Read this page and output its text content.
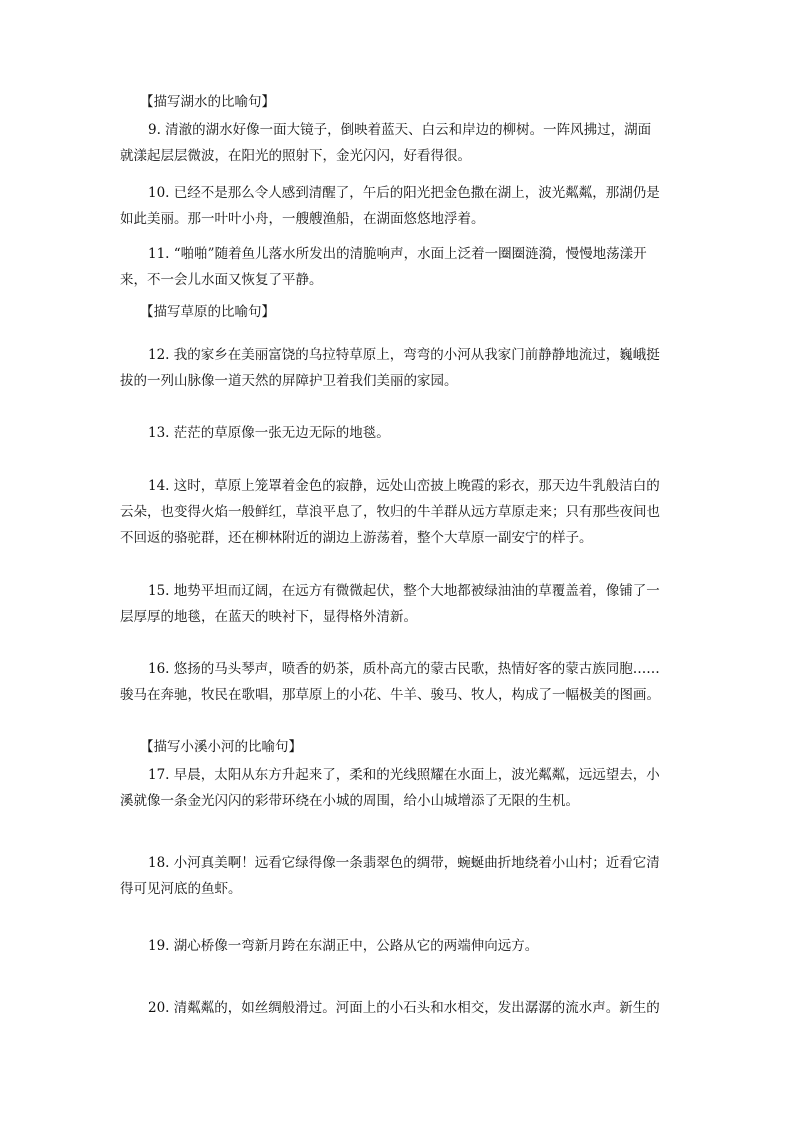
【描写湖水的比喻句】
9. 清澈的湖水好像一面大镜子，倒映着蓝天、白云和岸边的柳树。一阵风拂过，湖面
就漾起层层微波，在阳光的照射下，金光闪闪，好看得很。
10. 已经不是那么令人感到清醒了，午后的阳光把金色撒在湖上，波光粼粼，那湖仍是
如此美丽。那一叶叶小舟，一艘艘渔船，在湖面悠悠地浮着。
11. “啪啪”随着鱼儿落水所发出的清脆响声，水面上泛着一圈圈涟漪，慢慢地荡漾开
来，不一会儿水面又恢复了平静。
【描写草原的比喻句】
12. 我的家乡在美丽富饶的乌拉特草原上，弯弯的小河从我家门前静静地流过，巍峨挺
拔的一列山脉像一道天然的屏障护卫着我们美丽的家园。
13. 茫茫的草原像一张无边无际的地毯。
14. 这时，草原上笼罩着金色的寂静，远处山峦披上晚霞的彩衣，那天边牛乳般洁白的
云朵，也变得火焰一般鲜红，草浪平息了，牧归的牛羊群从远方草原走来；只有那些夜间也
不回返的骆驼群，还在柳林附近的湖边上游荡着，整个大草原一副安宁的样子。
15. 地势平坦而辽阔，在远方有微微起伏，整个大地都被绿油油的草覆盖着，像铺了一
层厚厚的地毯，在蓝天的映衬下，显得格外清新。
16. 悠扬的马头琴声，喷香的奶茶，质朴高亢的蒙古民歌，热情好客的蒙古族同胞……
骏马在奔驰，牧民在歌唱，那草原上的小花、牛羊、骏马、牧人，构成了一幅极美的图画。
【描写小溪小河的比喻句】
17. 早晨，太阳从东方升起来了，柔和的光线照耀在水面上，波光粼粼，远远望去，小
溪就像一条金光闪闪的彩带环绕在小城的周围，给小山城增添了无限的生机。
18. 小河真美啊！远看它绿得像一条翡翠色的绸带，蜿蜒曲折地绕着小山村；近看它清
得可见河底的鱼虾。
19. 湖心桥像一弯新月跨在东湖正中，公路从它的两端伸向远方。
20. 清粼粼的，如丝绸般滑过。河面上的小石头和水相交，发出潺潺的流水声。新生的
